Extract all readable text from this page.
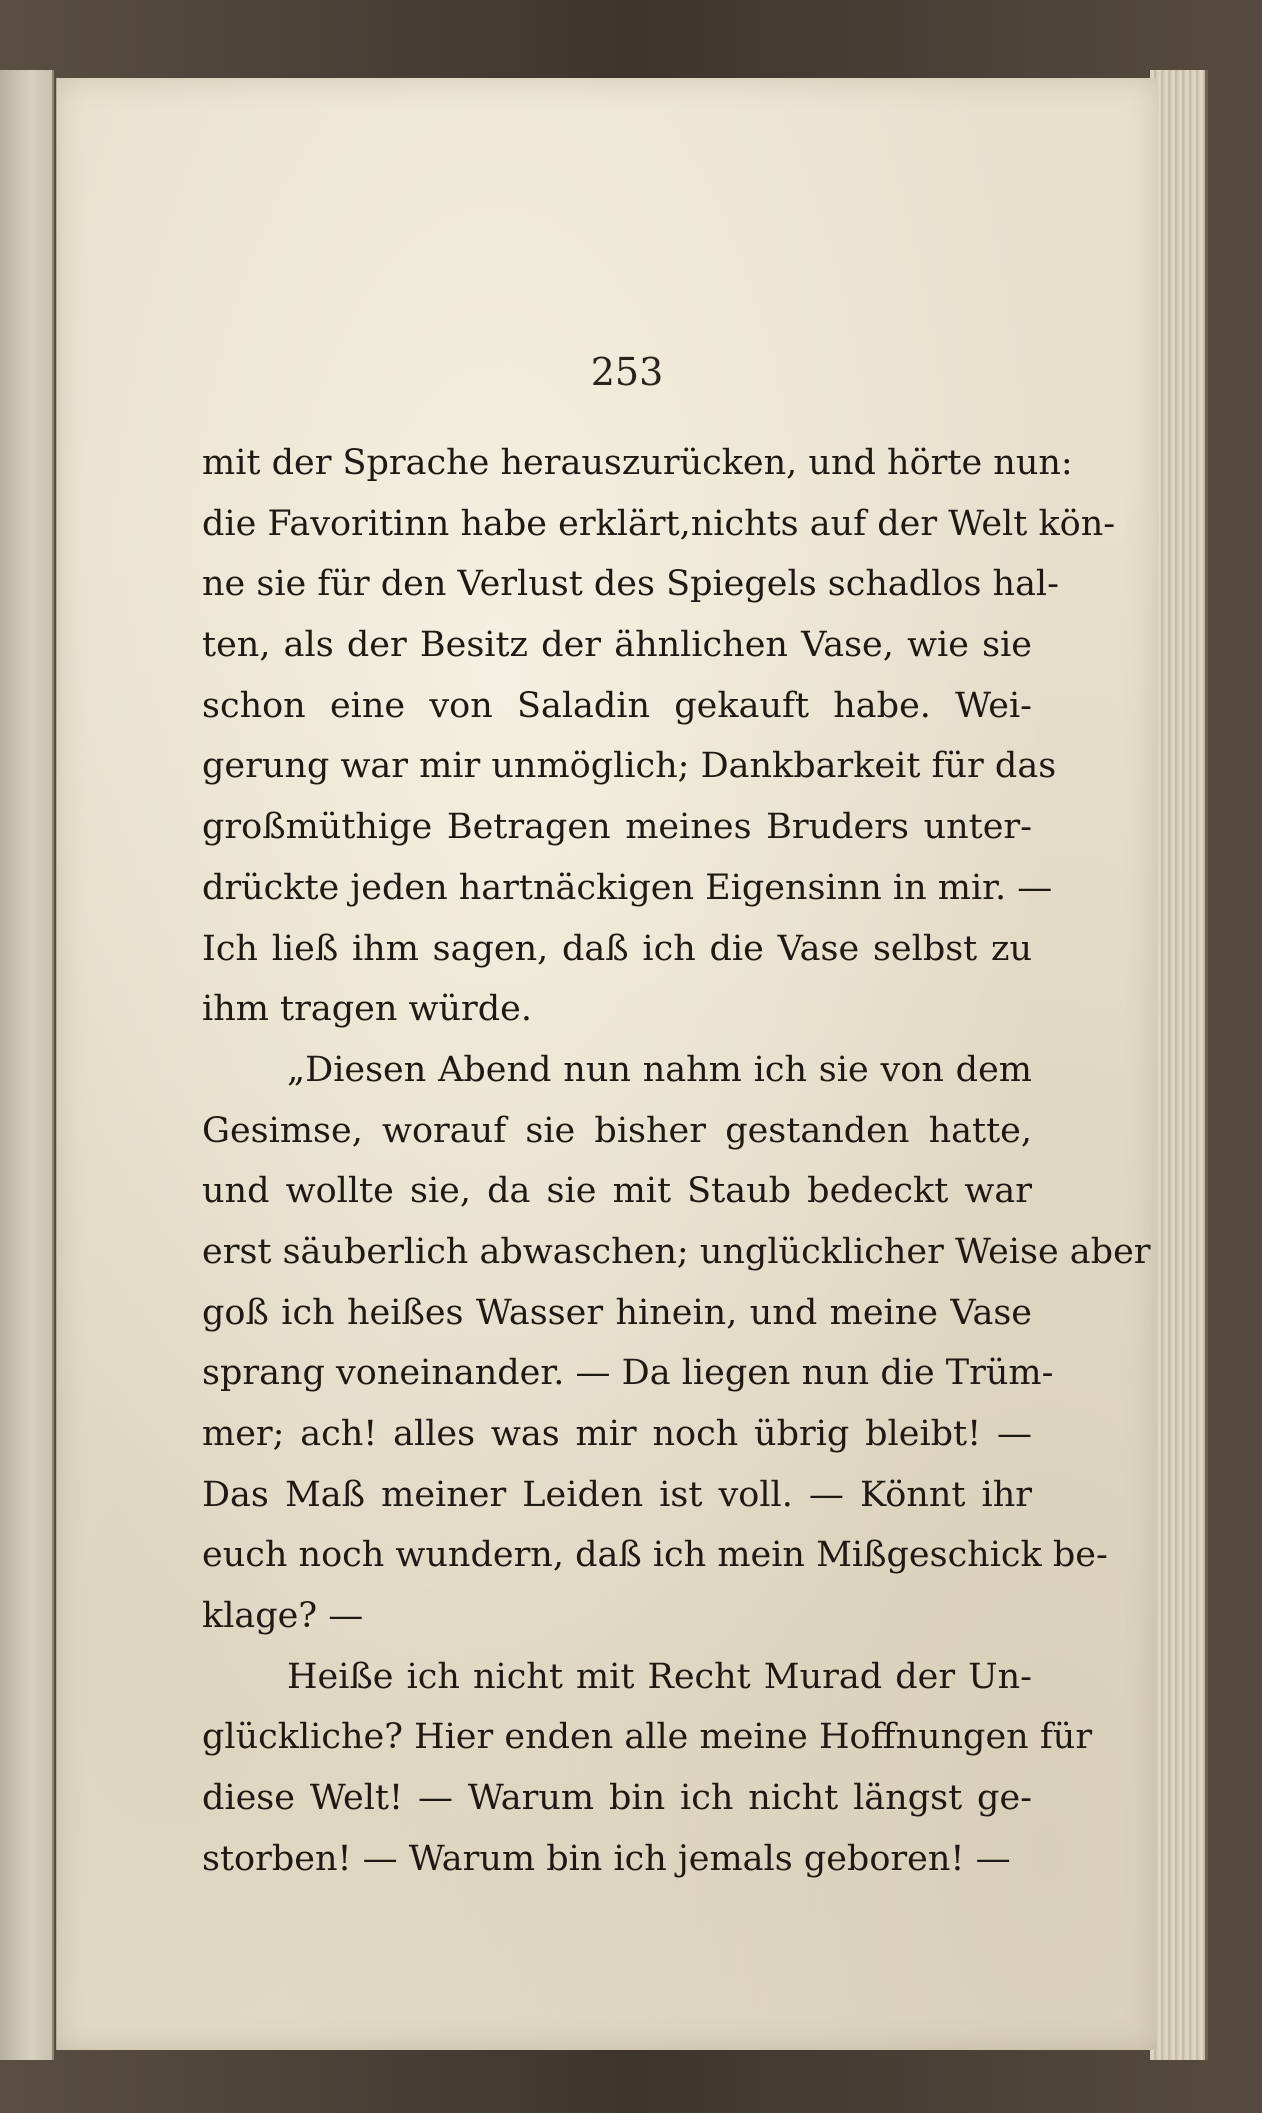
253

mit der Sprache herauszurücken, und hörte nun:
die Favoritinn habe erklärt,nichts auf der Welt kön-
ne sie für den Verlust des Spiegels schadlos hal-
ten, als der Besitz der ähnlichen Vase, wie sie
schon eine von Saladin gekauft habe. Wei-
gerung war mir unmöglich; Dankbarkeit für das
großmüthige Betragen meines Bruders unter-
drückte jeden hartnäckigen Eigensinn in mir. —
Ich ließ ihm sagen, daß ich die Vase selbst zu
ihm tragen würde.
„Diesen Abend nun nahm ich sie von dem
Gesimse, worauf sie bisher gestanden hatte,
und wollte sie, da sie mit Staub bedeckt war
erst säuberlich abwaschen; unglücklicher Weise aber
goß ich heißes Wasser hinein, und meine Vase
sprang voneinander. — Da liegen nun die Trüm-
mer; ach! alles was mir noch übrig bleibt! —
Das Maß meiner Leiden ist voll. — Könnt ihr
euch noch wundern, daß ich mein Mißgeschick be-
klage? —
Heiße ich nicht mit Recht Murad der Un-
glückliche? Hier enden alle meine Hoffnungen für
diese Welt! — Warum bin ich nicht längst ge-
storben! — Warum bin ich jemals geboren! —
